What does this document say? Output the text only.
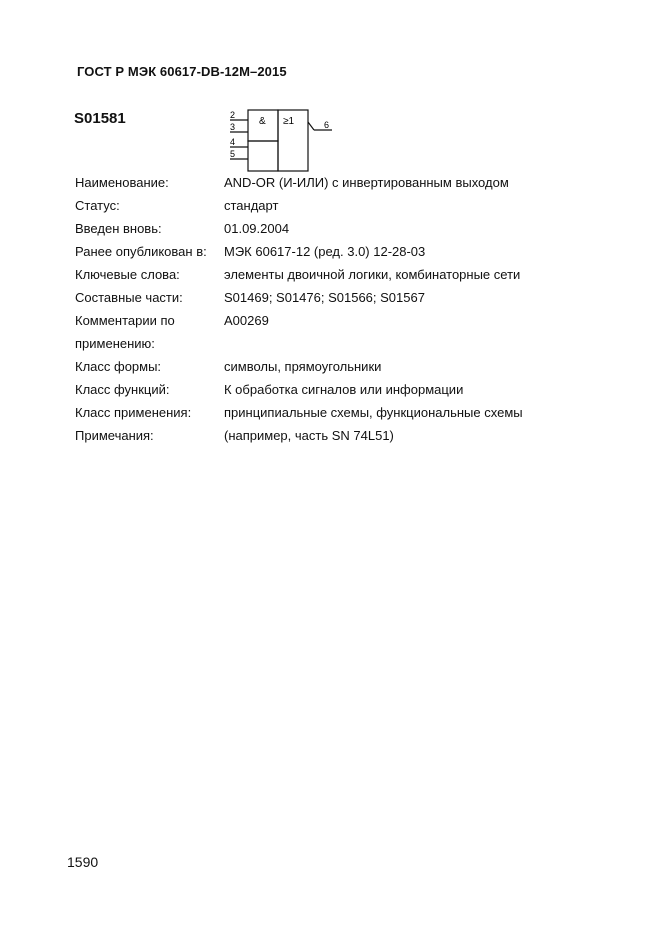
ГОСТ Р МЭК 60617-DB-12M–2015
S01581	& ≥1
2
3
4
5
6
Наименование:	AND-OR (И-ИЛИ) с инвертированным выходом
Статус:	стандарт
Введен вновь:	01.09.2004
Ранее опубликован в:	МЭК 60617-12 (ред. 3.0) 12-28-03
Ключевые слова:	элементы двоичной логики, комбинаторные сети
Составные части:	S01469; S01476; S01566; S01567
Комментарии по	A00269
применению:
Класс формы:	символы, прямоугольники
Класс функций:	К обработка сигналов или информации
Класс применения:	принципиальные схемы, функциональные схемы
Примечания:	(например, часть SN 74L51)
1590
